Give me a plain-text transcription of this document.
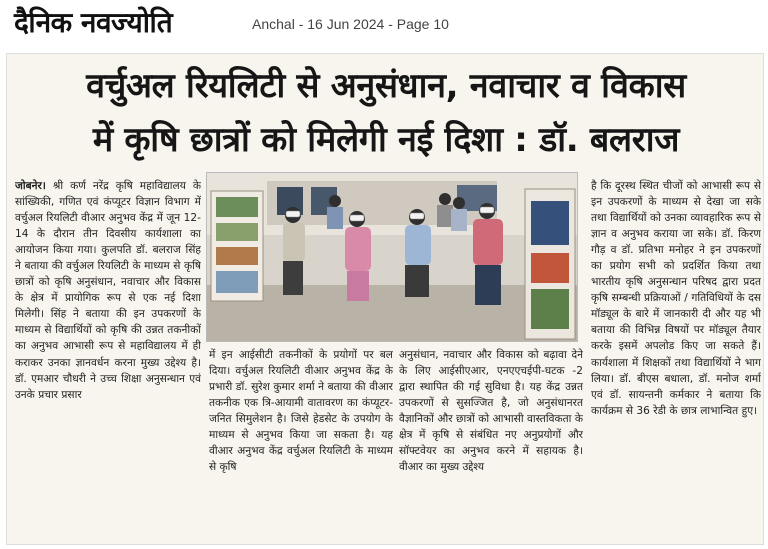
दैनिक नवज्योति	Anchal - 16 Jun 2024 - Page 10
वर्चुअल रियलिटी से अनुसंधान, नवाचार व विकास
में कृषि छात्रों को मिलेगी नई दिशा : डॉ. बलराज
जोबनेर। श्री कर्ण नरेंद्र कृषि महाविद्यालय के सांख्यिकी, गणित एवं कंप्यूटर विज्ञान विभाग में वर्चुअल रियलिटी वीआर अनुभव केंद्र में जून 12- 14 के दौरान तीन दिवसीय कार्यशाला का आयोजन किया गया। कुलपति डॉ. बलराज सिंह ने बताया की वर्चुअल रियलिटी के माध्यम से कृषि छात्रों को कृषि अनुसंधान, नवाचार और विकास के क्षेत्र में प्रायोगिक रूप से एक नई दिशा मिलेगी। सिंह ने बताया की इन उपकरणों के माध्यम से विद्यार्थियों को कृषि की उन्नत तकनीकों का अनुभव आभासी रूप से महाविद्यालय में ही कराकर उनका ज्ञानवर्धन करना मुख्य उद्देश्य है। डॉ. एमआर चौधरी ने उच्च शिक्षा अनुसन्धान एवं उनके प्रचार प्रसार
में इन आईसीटी तकनीकों के प्रयोगों पर बल दिया। वर्चुअल रियलिटी वीआर अनुभव केंद्र के प्रभारी डॉ. सुरेश कुमार शर्मा ने बताया की वीआर तकनीक एक त्रि-आयामी वातावरण का कंप्यूटर-जनित सिमुलेशन है। जिसे हेडसेट के उपयोग के माध्यम से अनुभव किया जा सकता है। यह वीआर अनुभव केंद्र वर्चुअल रियलिटी के माध्यम से कृषि
अनुसंधान, नवाचार और विकास को बढ़ावा देने के लिए आईसीएआर, एनएएचईपी-घटक -2 द्वारा स्थापित की गई सुविधा है। यह केंद्र उन्नत उपकरणों से सुसज्जित है, जो अनुसंधानरत वैज्ञानिकों और छात्रों को आभासी वास्तविकता के क्षेत्र में कृषि से संबंधित नए अनुप्रयोगों और सॉफ्टवेयर का अनुभव करने में सहायक है। वीआर का मुख्य उद्देश्य
है कि दूरस्थ स्थित चीजों को आभासी रूप से इन उपकरणों के माध्यम से देखा जा सके तथा विद्यार्थियों को उनका व्यावहारिक रूप से ज्ञान व अनुभव कराया जा सके। डॉ. किरण गौड़ व डॉ. प्रतिभा मनोहर ने इन उपकरणों का प्रयोग सभी को प्रदर्शित किया तथा भारतीय कृषि अनुसन्धान परिषद द्वारा प्रदत कृषि सम्बन्धी प्रक्रियाओं / गतिविधियों के दस मॉड्यूल के बारे में जानकारी दी और यह भी बताया की विभिन्न विषयों पर मॉड्यूल तैयार करके इसमें अपलोड किए जा सकते हैं। कार्यशाला में शिक्षकों तथा विद्यार्थियों ने भाग लिया। डॉ. बीएस बधाला, डॉ. मनोज शर्मा एवं डॉ. सायन्तनी कर्मकार ने बताया कि कार्यक्रम से 36 रेडी के छात्र लाभान्वित हुए।
